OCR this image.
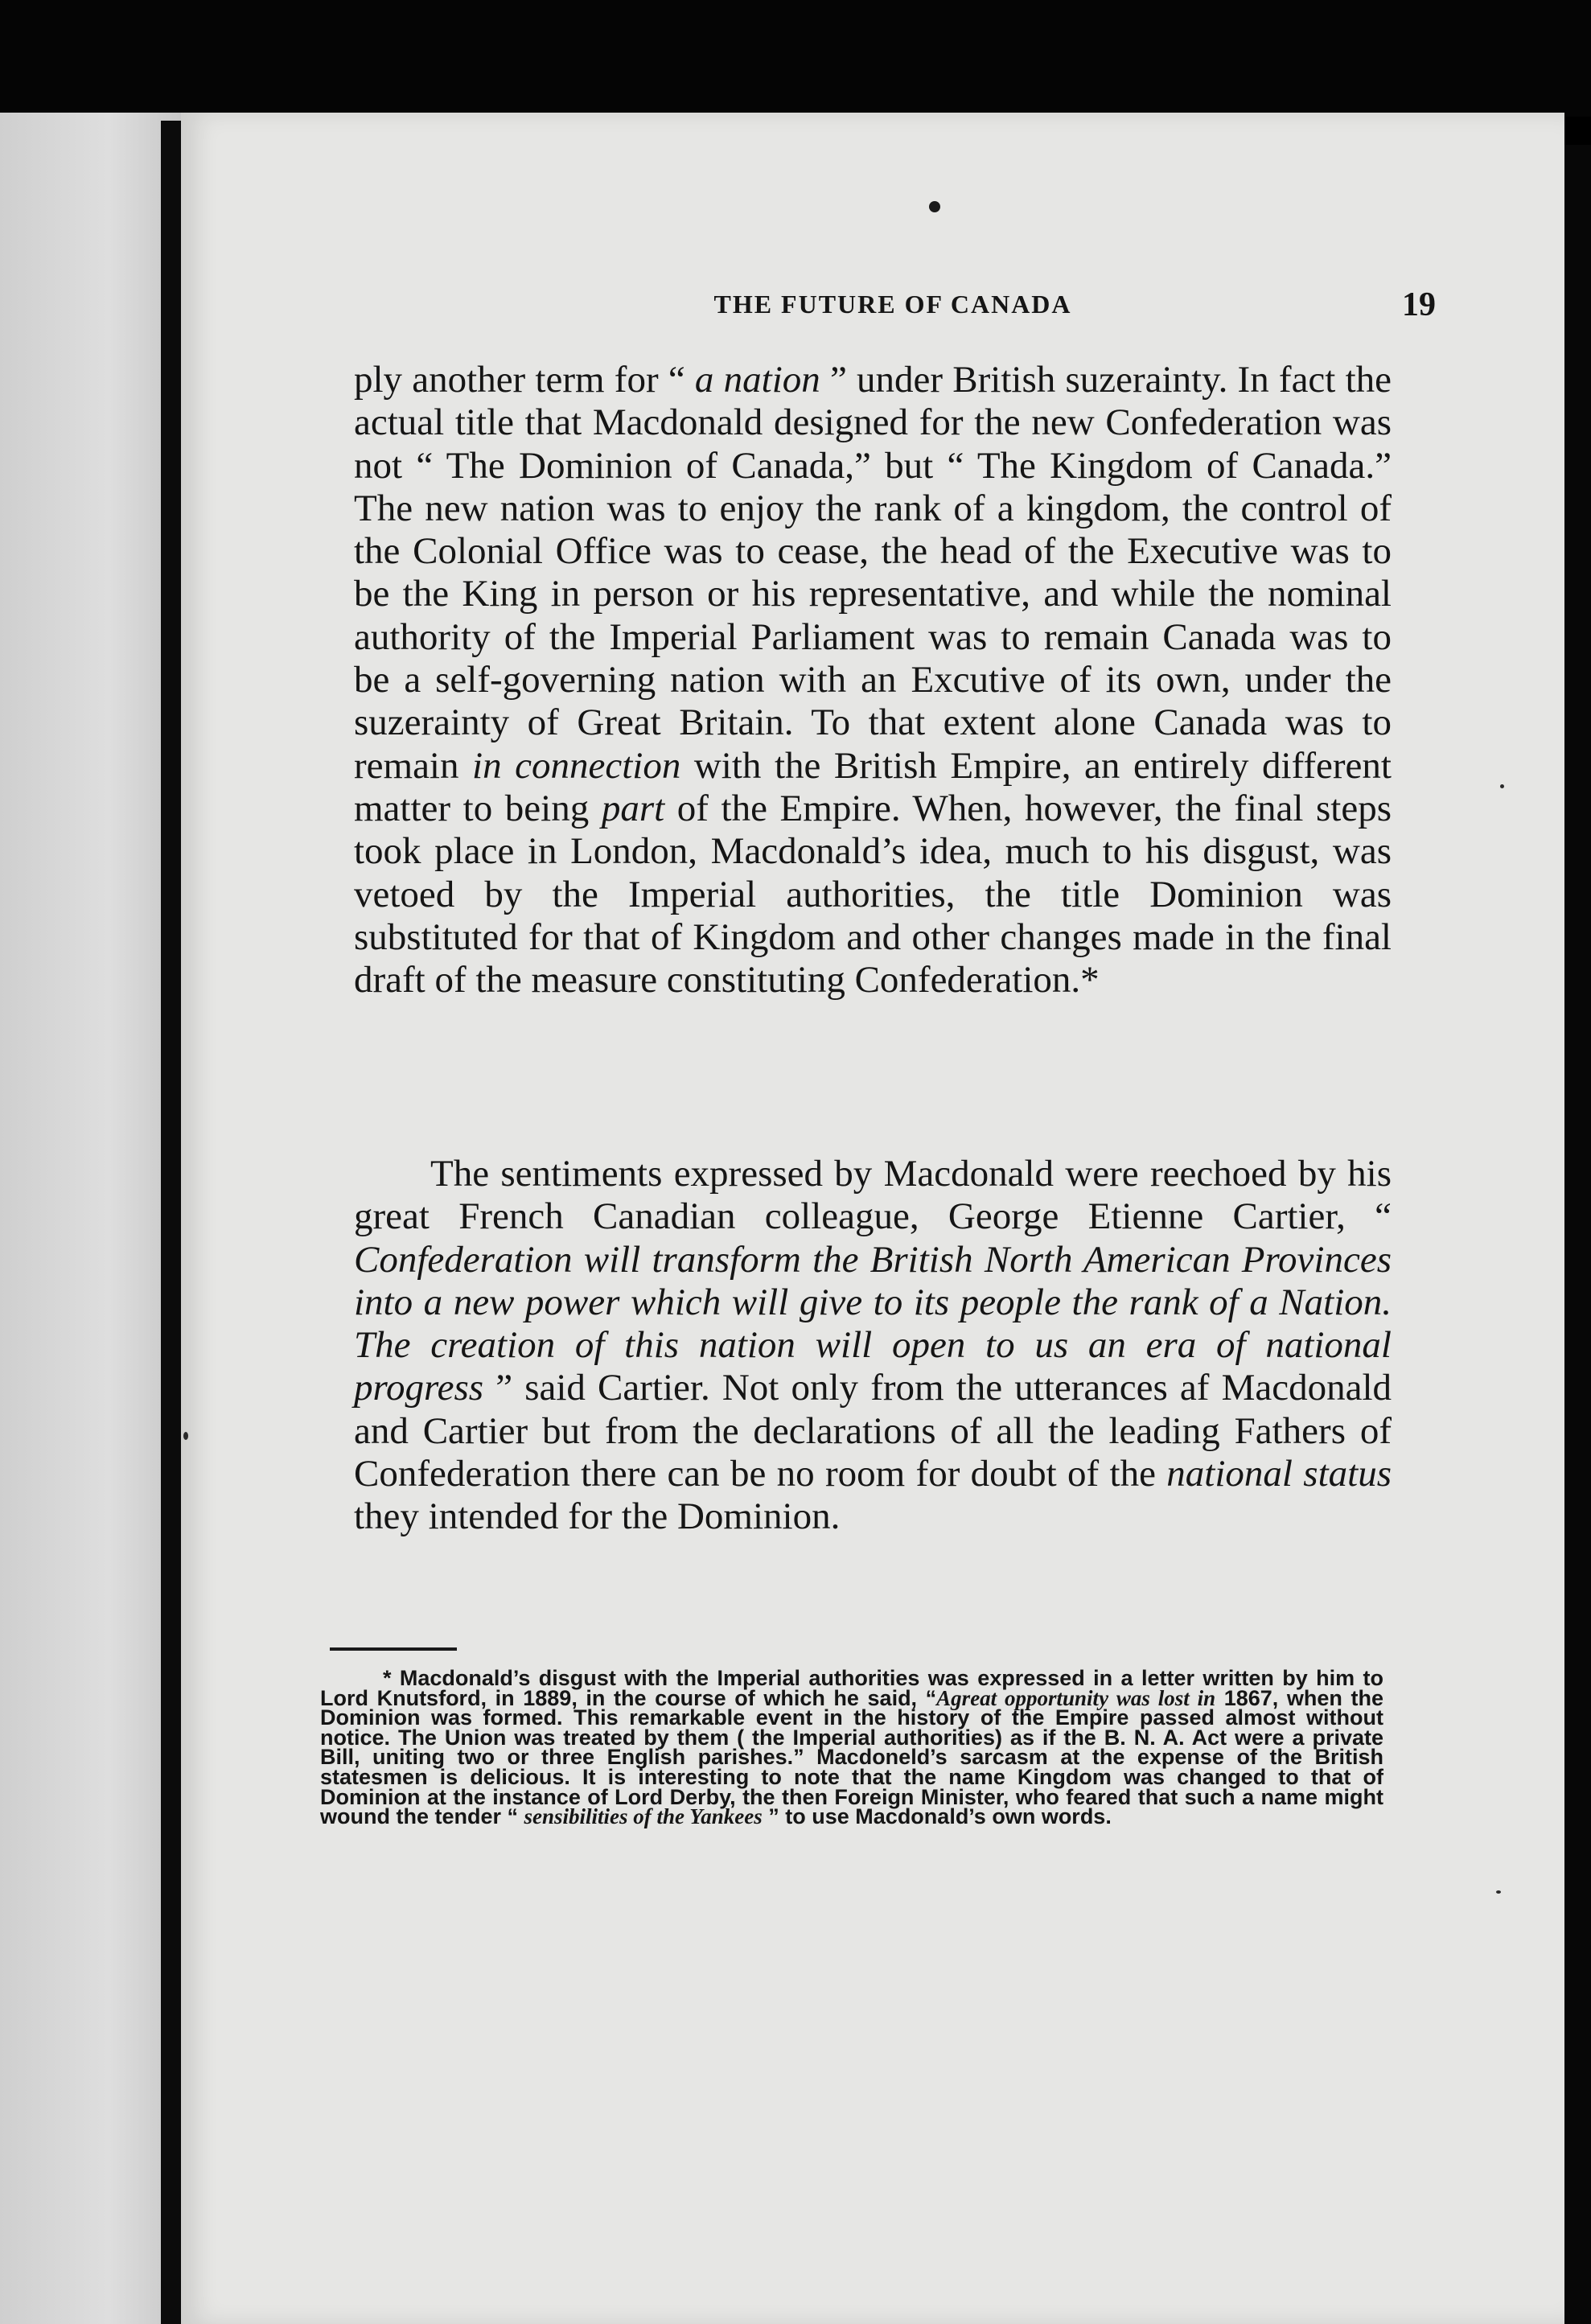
THE FUTURE OF CANADA	19

ply another term for “ a nation ” under British suzerainty. In fact the actual title that Macdonald designed for the new Confederation was not “ The Dominion of Canada,” but “ The Kingdom of Canada.” The new nation was to enjoy the rank of a kingdom, the control of the Colonial Office was to cease, the head of the Executive was to be the King in person or his representative, and while the nominal authority of the Imperial Parliament was to remain Canada was to be a self-governing nation with an Excutive of its own, under the suzerainty of Great Britain. To that extent alone Canada was to remain in connection with the British Empire, an entirely different matter to being part of the Empire. When, however, the final steps took place in London, Macdonald’s idea, much to his disgust, was vetoed by the Imperial authorities, the title Dominion was substituted for that of Kingdom and other changes made in the final draft of the measure constituting Confederation.*

The sentiments expressed by Macdonald were reechoed by his great French Canadian colleague, George Etienne Cartier, “ Confederation will transform the British North American Provinces into a new power which will give to its people the rank of a Nation. The creation of this nation will open to us an era of national progress ” said Cartier. Not only from the utterances af Macdonald and Cartier but from the declarations of all the leading Fathers of Confederation there can be no room for doubt of the national status they intended for the Dominion.

* Macdonald’s disgust with the Imperial authorities was expressed in a letter written by him to Lord Knutsford, in 1889, in the course of which he said, “Agreat opportunity was lost in 1867, when the Dominion was formed. This remarkable event in the history of the Empire passed almost without notice. The Union was treated by them ( the Imperial authorities) as if the B. N. A. Act were a private Bill, uniting two or three English parishes.” Macdoneld’s sarcasm at the expense of the British statesmen is delicious. It is interesting to note that the name Kingdom was changed to that of Dominion at the instance of Lord Derby, the then Foreign Minister, who feared that such a name might wound the tender “ sensibilities of the Yankees ” to use Macdonald’s own words.
